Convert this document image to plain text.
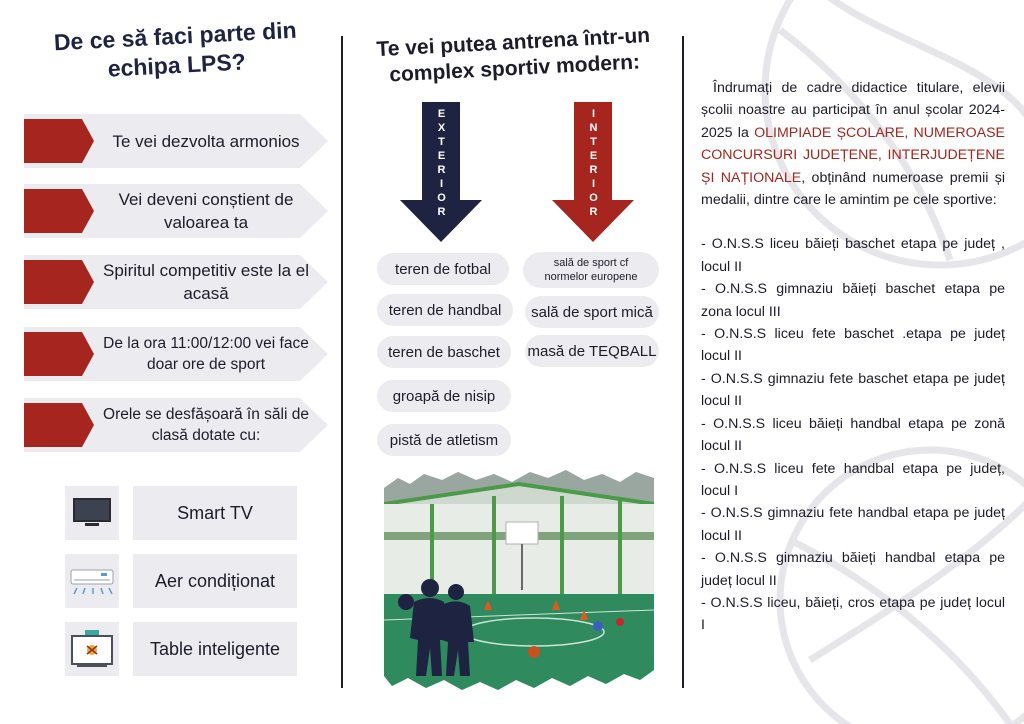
De ce să faci parte din echipa LPS?
Te vei dezvolta armonios
Vei deveni conștient de valoarea ta
Spiritul competitiv este la el acasă
De la ora 11:00/12:00 vei face doar ore de sport
Orele se desfășoară în săli de clasă dotate cu:
Smart TV
Aer condiționat
Table inteligente
Te vei putea antrena într-un complex sportiv modern:
EXTERIOR	INTERIOR
teren de fotbal
teren de handbal
teren de baschet
groapă de nisip
pistă de atletism
sală de sport cf normelor europene
sală de sport mică
masă de TEQBALL

Îndrumați de cadre didactice titulare, elevii școlii noastre au participat în anul școlar 2024-2025 la OLIMPIADE ȘCOLARE, NUMEROASE CONCURSURI JUDEȚENE, INTERJUDEȚENE ȘI NAȚIONALE, obținând numeroase premii și medalii, dintre care le amintim pe cele sportive:

- O.N.S.S liceu băieți baschet etapa pe județ , locul II

- O.N.S.S gimnaziu băieți baschet etapa pe zona locul III

- O.N.S.S liceu fete baschet .etapa pe județ locul II

- O.N.S.S gimnaziu fete baschet etapa pe județ locul II

- O.N.S.S liceu băieți handbal etapa pe zonă locul II

- O.N.S.S liceu fete handbal etapa pe județ, locul I

- O.N.S.S gimnaziu fete handbal etapa pe județ locul II

- O.N.S.S gimnaziu băieți handbal etapa pe județ locul II

- O.N.S.S liceu, băieți, cros etapa pe județ locul I
